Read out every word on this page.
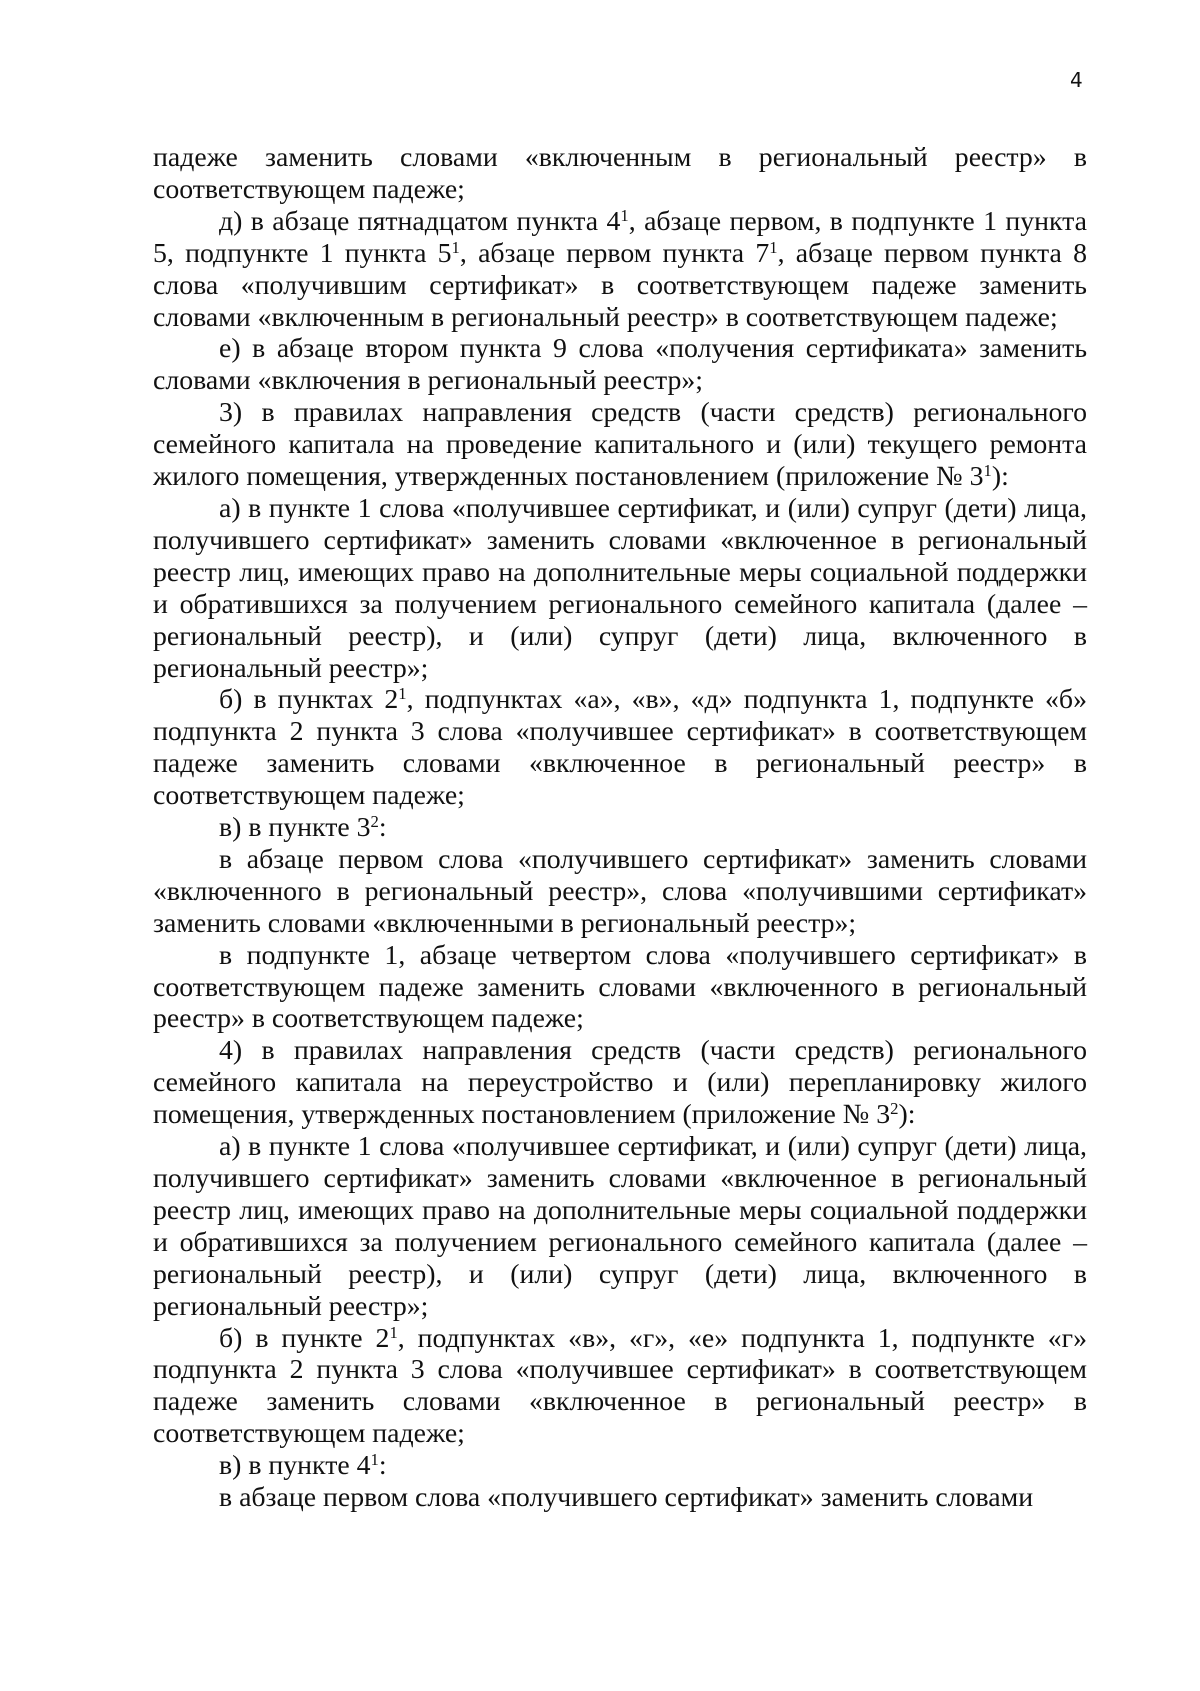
4

падеже заменить словами «включенным в региональный реестр» в соответствующем падеже;

д) в абзаце пятнадцатом пункта $4^1$, абзаце первом, в подпункте 1 пункта 5, подпункте 1 пункта $5^1$, абзаце первом пункта $7^1$, абзаце первом пункта 8 слова «получившим сертификат» в соответствующем падеже заменить словами «включенным в региональный реестр» в соответствующем падеже;

е) в абзаце втором пункта 9 слова «получения сертификата» заменить словами «включения в региональный реестр»;

3) в правилах направления средств (части средств) регионального семейного капитала на проведение капитального и (или) текущего ремонта жилого помещения, утвержденных постановлением (приложение № $3^1$):

а) в пункте 1 слова «получившее сертификат, и (или) супруг (дети) лица, получившего сертификат» заменить словами «включенное в региональный реестр лиц, имеющих право на дополнительные меры социальной поддержки и обратившихся за получением регионального семейного капитала (далее – региональный реестр), и (или) супруг (дети) лица, включенного в региональный реестр»;

б) в пунктах $2^1$, подпунктах «а», «в», «д» подпункта 1, подпункте «б» подпункта 2 пункта 3 слова «получившее сертификат» в соответствующем падеже заменить словами «включенное в региональный реестр» в соответствующем падеже;

в) в пункте $3^2$:

в абзаце первом слова «получившего сертификат» заменить словами «включенного в региональный реестр», слова «получившими сертификат» заменить словами «включенными в региональный реестр»;

в подпункте 1, абзаце четвертом слова «получившего сертификат» в соответствующем падеже заменить словами «включенного в региональный реестр» в соответствующем падеже;

4) в правилах направления средств (части средств) регионального семейного капитала на переустройство и (или) перепланировку жилого помещения, утвержденных постановлением (приложение № $3^2$):

а) в пункте 1 слова «получившее сертификат, и (или) супруг (дети) лица, получившего сертификат» заменить словами «включенное в региональный реестр лиц, имеющих право на дополнительные меры социальной поддержки и обратившихся за получением регионального семейного капитала (далее – региональный реестр), и (или) супруг (дети) лица, включенного в региональный реестр»;

б) в пункте $2^1$, подпунктах «в», «г», «е» подпункта 1, подпункте «г» подпункта 2 пункта 3 слова «получившее сертификат» в соответствующем падеже заменить словами «включенное в региональный реестр» в соответствующем падеже;

в) в пункте $4^1$:

в абзаце первом слова «получившего сертификат» заменить словами
